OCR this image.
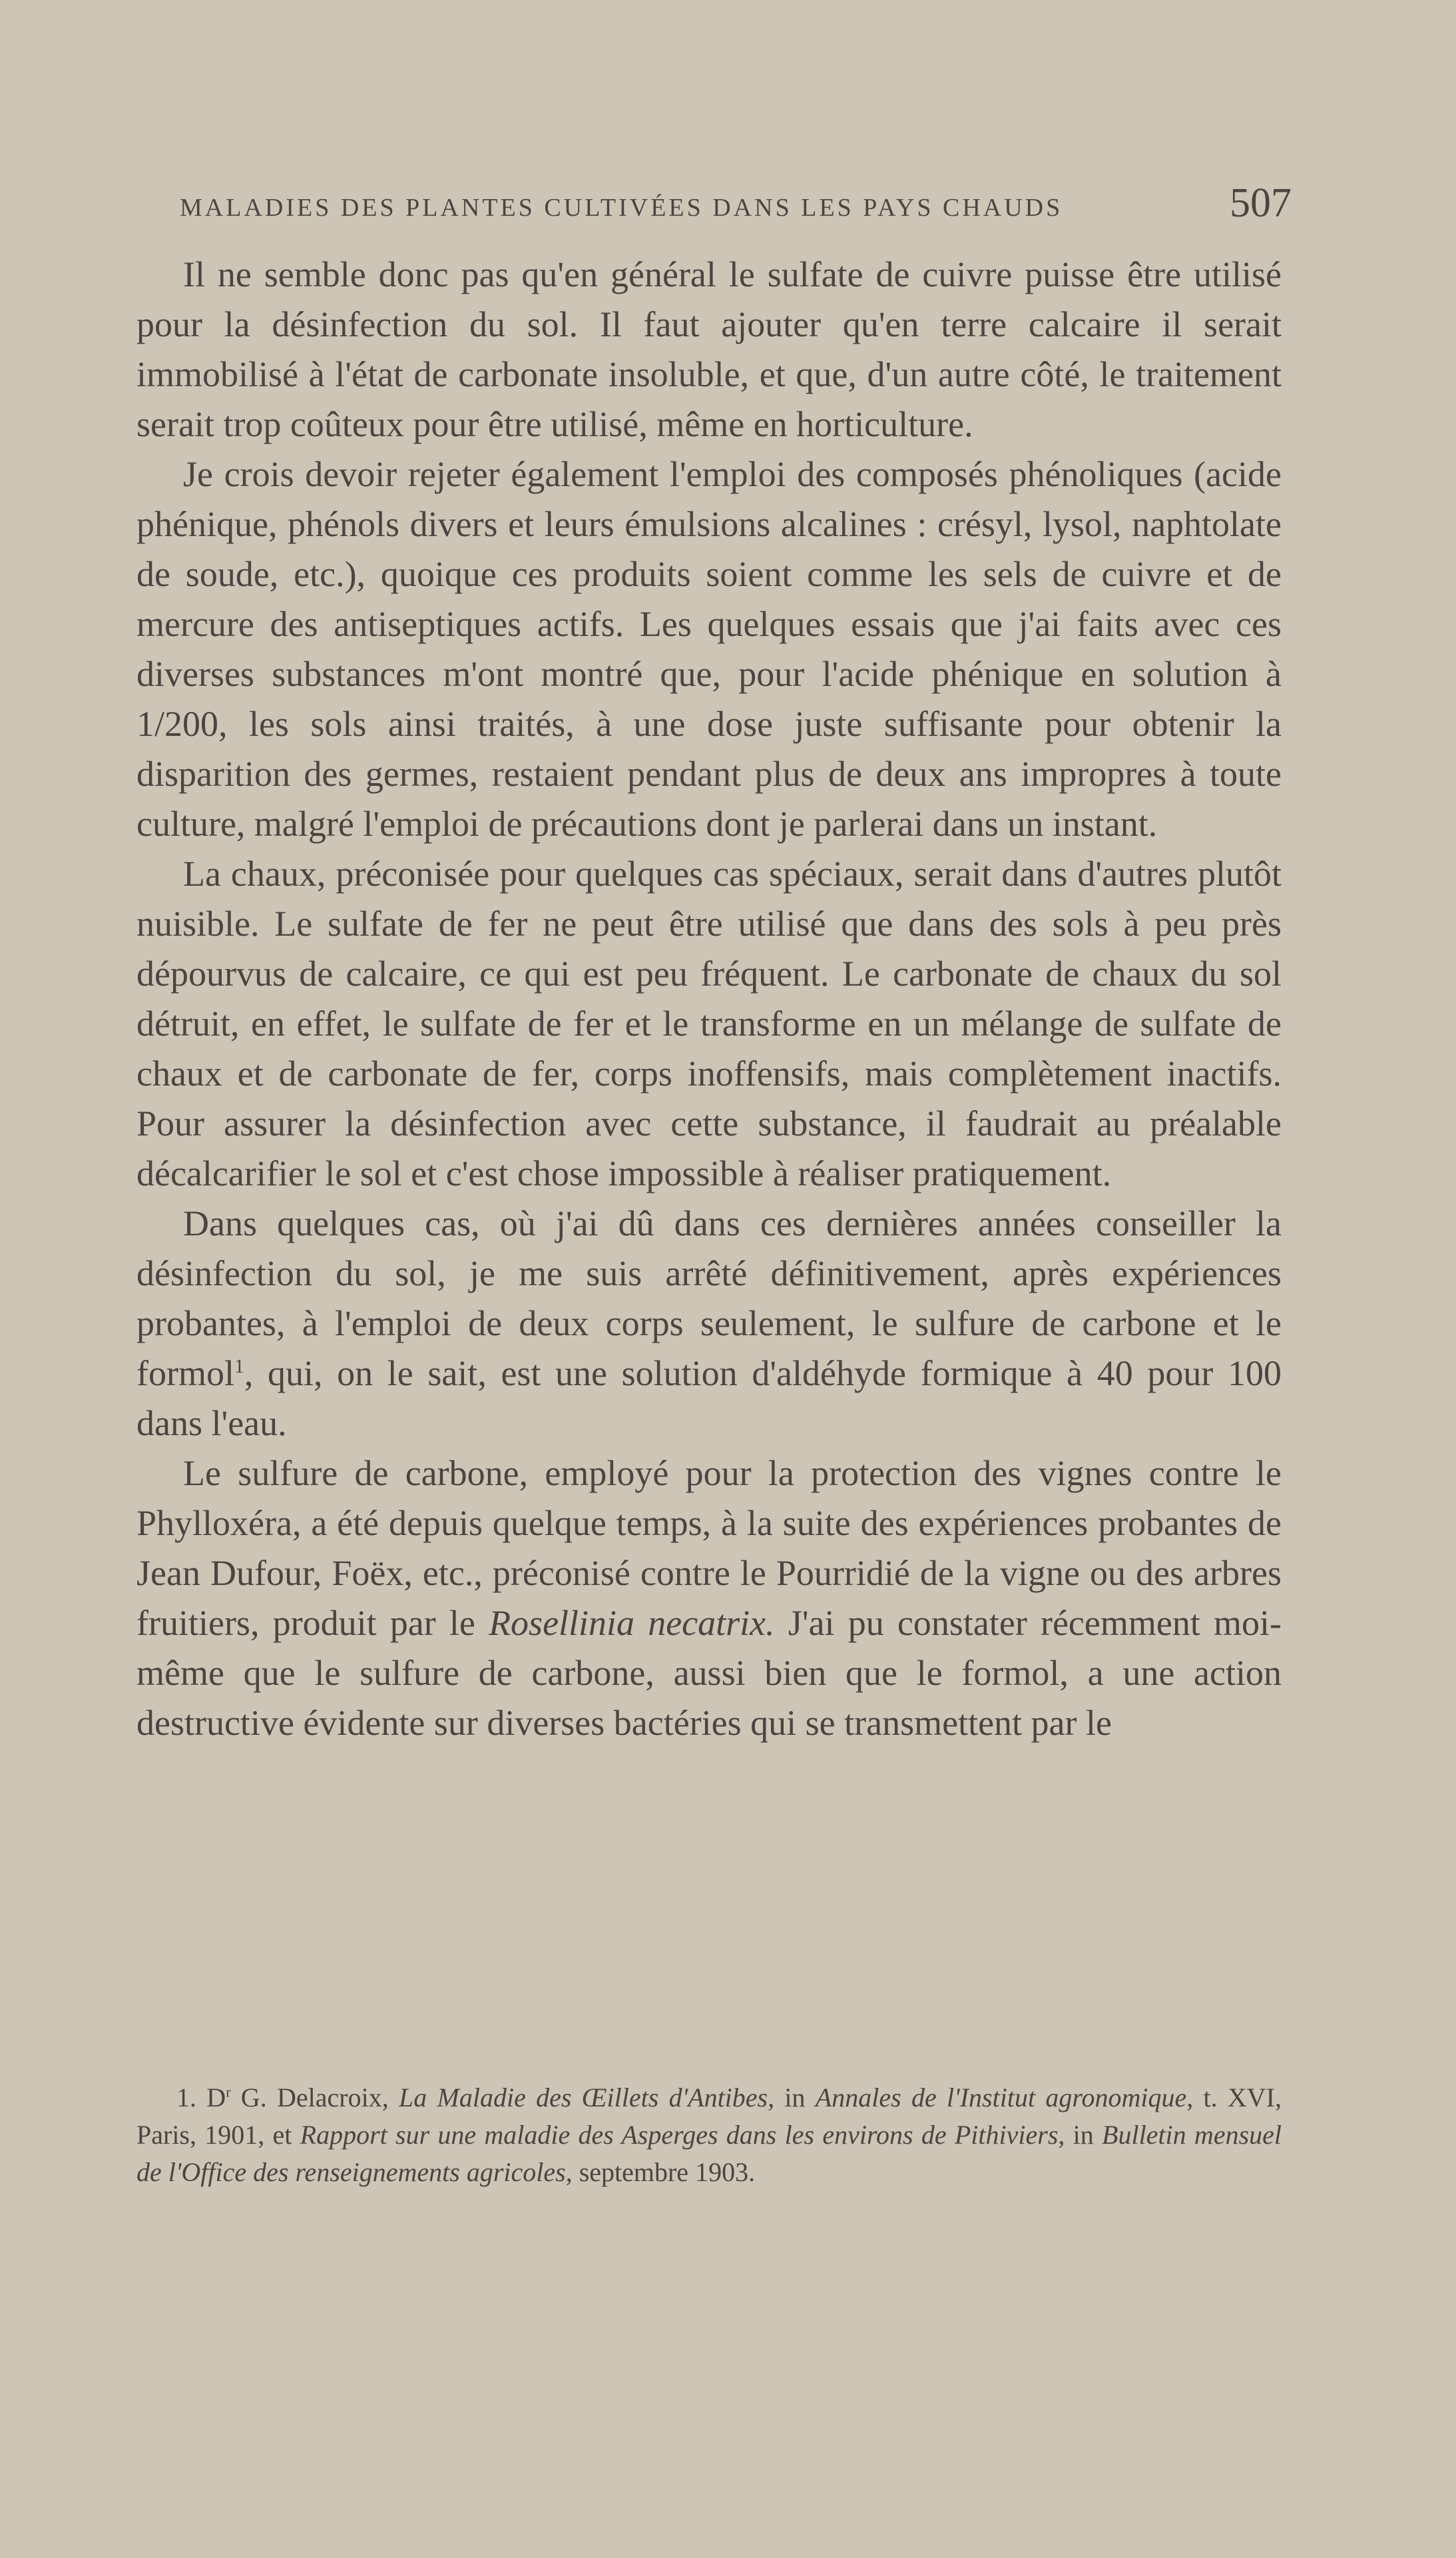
MALADIES DES PLANTES CULTIVÉES DANS LES PAYS CHAUDS	507

Il ne semble donc pas qu'en général le sulfate de cuivre puisse être utilisé pour la désinfection du sol. Il faut ajouter qu'en terre calcaire il serait immobilisé à l'état de carbonate insoluble, et que, d'un autre côté, le traitement serait trop coûteux pour être utilisé, même en horticulture.

Je crois devoir rejeter également l'emploi des composés phénoliques (acide phénique, phénols divers et leurs émulsions alcalines : crésyl, lysol, naphtolate de soude, etc.), quoique ces produits soient comme les sels de cuivre et de mercure des antiseptiques actifs. Les quelques essais que j'ai faits avec ces diverses substances m'ont montré que, pour l'acide phénique en solution à 1/200, les sols ainsi traités, à une dose juste suffisante pour obtenir la disparition des germes, restaient pendant plus de deux ans impropres à toute culture, malgré l'emploi de précautions dont je parlerai dans un instant.

La chaux, préconisée pour quelques cas spéciaux, serait dans d'autres plutôt nuisible. Le sulfate de fer ne peut être utilisé que dans des sols à peu près dépourvus de calcaire, ce qui est peu fréquent. Le carbonate de chaux du sol détruit, en effet, le sulfate de fer et le transforme en un mélange de sulfate de chaux et de carbonate de fer, corps inoffensifs, mais complètement inactifs. Pour assurer la désinfection avec cette substance, il faudrait au préalable décalcarifier le sol et c'est chose impossible à réaliser pratiquement.

Dans quelques cas, où j'ai dû dans ces dernières années conseiller la désinfection du sol, je me suis arrêté définitivement, après expériences probantes, à l'emploi de deux corps seulement, le sulfure de carbone et le formol$^1$, qui, on le sait, est une solution d'aldéhyde formique à 40 pour 100 dans l'eau.

Le sulfure de carbone, employé pour la protection des vignes contre le Phylloxéra, a été depuis quelque temps, à la suite des expériences probantes de Jean Dufour, Foëx, etc., préconisé contre le Pourridié de la vigne ou des arbres fruitiers, produit par le Rosellinia necatrix. J'ai pu constater récemment moi-même que le sulfure de carbone, aussi bien que le formol, a une action destructive évidente sur diverses bactéries qui se transmettent par le

1. $D^r$ G. Delacroix, La Maladie des Œillets d'Antibes, in Annales de l'Institut agronomique, t. XVI, Paris, 1901, et Rapport sur une maladie des Asperges dans les environs de Pithiviers, in Bulletin mensuel de l'Office des renseignements agricoles, septembre 1903.
